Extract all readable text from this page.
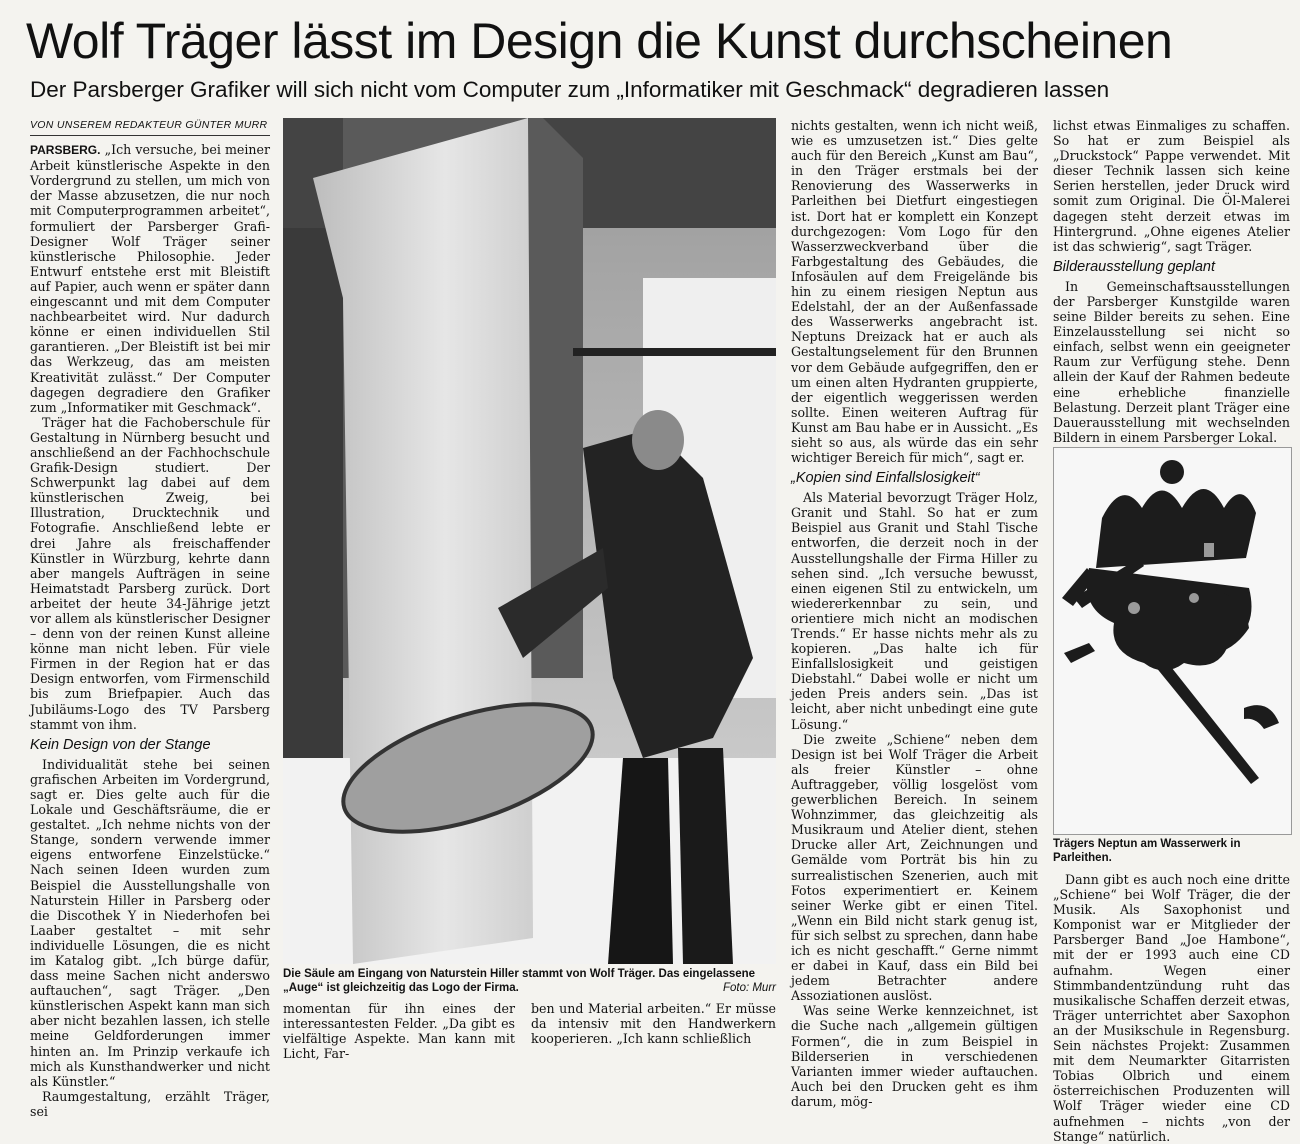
Wolf Träger lässt im Design die Kunst durchscheinen
Der Parsberger Grafiker will sich nicht vom Computer zum „Informatiker mit Geschmack“ degradieren lassen
VON UNSEREM REDAKTEUR GÜNTER MURR

PARSBERG. „Ich versuche, bei meiner Arbeit künstlerische Aspekte in den Vordergrund zu stellen, um mich von der Masse abzusetzen, die nur noch mit Computerprogrammen arbeitet“, formuliert der Parsberger Grafi-Designer Wolf Träger seiner künstlerische Philosophie. Jeder Entwurf entstehe erst mit Bleistift auf Papier, auch wenn er später dann eingescannt und mit dem Computer nachbearbeitet wird. Nur dadurch könne er einen individuellen Stil garantieren. „Der Bleistift ist bei mir das Werkzeug, das am meisten Kreativität zulässt.“ Der Computer dagegen degradiere den Grafiker zum „Informatiker mit Geschmack“.

Träger hat die Fachoberschule für Gestaltung in Nürnberg besucht und anschließend an der Fachhochschule Grafik-Design studiert. Der Schwerpunkt lag dabei auf dem künstlerischen Zweig, bei Illustration, Drucktechnik und Fotografie. Anschließend lebte er drei Jahre als freischaffender Künstler in Würzburg, kehrte dann aber mangels Aufträgen in seine Heimatstadt Parsberg zurück. Dort arbeitet der heute 34-Jährige jetzt vor allem als künstlerischer Designer – denn von der reinen Kunst alleine könne man nicht leben. Für viele Firmen in der Region hat er das Design entworfen, vom Firmenschild bis zum Briefpapier. Auch das Jubiläums-Logo des TV Parsberg stammt von ihm.

Kein Design von der Stange

Individualität stehe bei seinen grafischen Arbeiten im Vordergrund, sagt er. Dies gelte auch für die Lokale und Geschäftsräume, die er gestaltet. „Ich nehme nichts von der Stange, sondern verwende immer eigens entworfene Einzelstücke.“ Nach seinen Ideen wurden zum Beispiel die Ausstellungshalle von Naturstein Hiller in Parsberg oder die Discothek Y in Niederhofen bei Laaber gestaltet – mit sehr individuelle Lösungen, die es nicht im Katalog gibt. „Ich bürge dafür, dass meine Sachen nicht anderswo auftauchen“, sagt Träger. „Den künstlerischen Aspekt kann man sich aber nicht bezahlen lassen, ich stelle meine Geldforderungen immer hinten an. Im Prinzip verkaufe ich mich als Kunsthandwerker und nicht als Künstler.“

Raumgestaltung, erzählt Träger, sei

Die Säule am Eingang von Naturstein Hiller stammt von Wolf Träger. Das eingelassene „Auge“ ist gleichzeitig das Logo der Firma.	Foto: Murr

momentan für ihn eines der interessantesten Felder. „Da gibt es vielfältige Aspekte. Man kann mit Licht, Far-

ben und Material arbeiten.“ Er müsse da intensiv mit den Handwerkern kooperieren. „Ich kann schließlich

nichts gestalten, wenn ich nicht weiß, wie es umzusetzen ist.“ Dies gelte auch für den Bereich „Kunst am Bau“, in den Träger erstmals bei der Renovierung des Wasserwerks in Parleithen bei Dietfurt eingestiegen ist. Dort hat er komplett ein Konzept durchgezogen: Vom Logo für den Wasserzweckverband über die Farbgestaltung des Gebäudes, die Infosäulen auf dem Freigelände bis hin zu einem riesigen Neptun aus Edelstahl, der an der Außenfassade des Wasserwerks angebracht ist. Neptuns Dreizack hat er auch als Gestaltungselement für den Brunnen vor dem Gebäude aufgegriffen, den er um einen alten Hydranten gruppierte, der eigentlich weggerissen werden sollte. Einen weiteren Auftrag für Kunst am Bau habe er in Aussicht. „Es sieht so aus, als würde das ein sehr wichtiger Bereich für mich“, sagt er.

„Kopien sind Einfallslosigkeit“

Als Material bevorzugt Träger Holz, Granit und Stahl. So hat er zum Beispiel aus Granit und Stahl Tische entworfen, die derzeit noch in der Ausstellungshalle der Firma Hiller zu sehen sind. „Ich versuche bewusst, einen eigenen Stil zu entwickeln, um wiedererkennbar zu sein, und orientiere mich nicht an modischen Trends.“ Er hasse nichts mehr als zu kopieren. „Das halte ich für Einfallslosigkeit und geistigen Diebstahl.“ Dabei wolle er nicht um jeden Preis anders sein. „Das ist leicht, aber nicht unbedingt eine gute Lösung.“

Die zweite „Schiene“ neben dem Design ist bei Wolf Träger die Arbeit als freier Künstler – ohne Auftraggeber, völlig losgelöst vom gewerblichen Bereich. In seinem Wohnzimmer, das gleichzeitig als Musikraum und Atelier dient, stehen Drucke aller Art, Zeichnungen und Gemälde vom Porträt bis hin zu surrealistischen Szenerien, auch mit Fotos experimentiert er. Keinem seiner Werke gibt er einen Titel. „Wenn ein Bild nicht stark genug ist, für sich selbst zu sprechen, dann habe ich es nicht geschafft.“ Gerne nimmt er dabei in Kauf, dass ein Bild bei jedem Betrachter andere Assoziationen auslöst.

Was seine Werke kennzeichnet, ist die Suche nach „allgemein gültigen Formen“, die in zum Beispiel in Bilderserien in verschiedenen Varianten immer wieder auftauchen. Auch bei den Drucken geht es ihm darum, mög-

lichst etwas Einmaliges zu schaffen. So hat er zum Beispiel als „Druckstock“ Pappe verwendet. Mit dieser Technik lassen sich keine Serien herstellen, jeder Druck wird somit zum Original. Die Öl-Malerei dagegen steht derzeit etwas im Hintergrund. „Ohne eigenes Atelier ist das schwierig“, sagt Träger.

Bilderausstellung geplant

In Gemeinschaftsausstellungen der Parsberger Kunstgilde waren seine Bilder bereits zu sehen. Eine Einzelausstellung sei nicht so einfach, selbst wenn ein geeigneter Raum zur Verfügung stehe. Denn allein der Kauf der Rahmen bedeute eine erhebliche finanzielle Belastung. Derzeit plant Träger eine Dauerausstellung mit wechselnden Bildern in einem Parsberger Lokal.

Trägers Neptun am Wasserwerk in Parleithen.

Dann gibt es auch noch eine dritte „Schiene“ bei Wolf Träger, die der Musik. Als Saxophonist und Komponist war er Mitglieder der Parsberger Band „Joe Hambone“, mit der er 1993 auch eine CD aufnahm. Wegen einer Stimmbandentzündung ruht das musikalische Schaffen derzeit etwas, Träger unterrichtet aber Saxophon an der Musikschule in Regensburg. Sein nächstes Projekt: Zusammen mit dem Neumarkter Gitarristen Tobias Olbrich und einem österreichischen Produzenten will Wolf Träger wieder eine CD aufnehmen – nichts „von der Stange“ natürlich.
